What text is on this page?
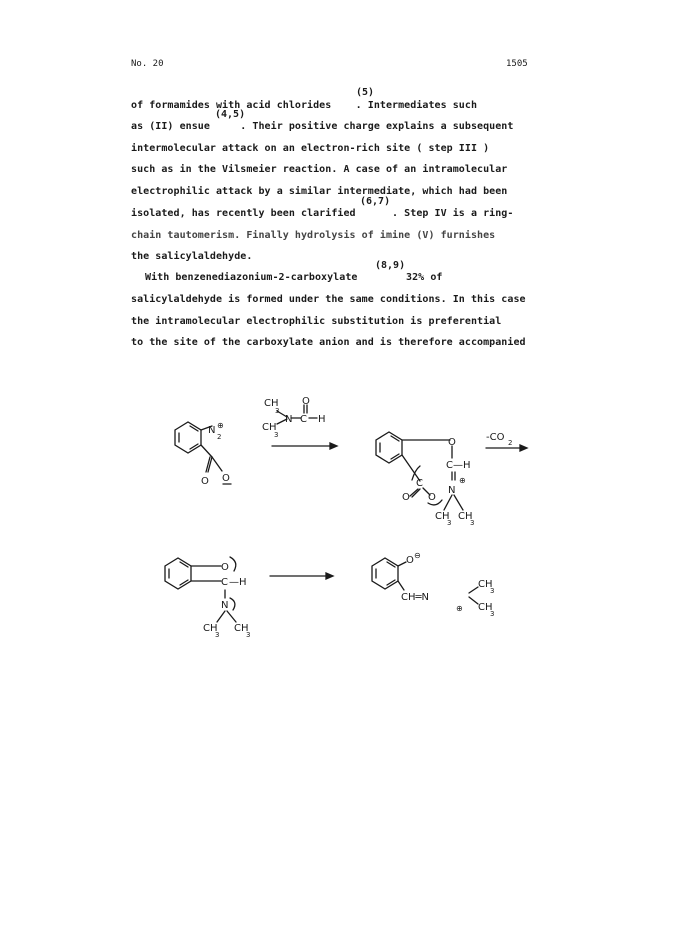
No. 20	1505
(5)
of formamides with acid chlorides    . Intermediates such
(4,5)
as (II) ensue     . Their positive charge explains a subsequent
intermolecular attack on an electron-rich site ( step III )
such as in the Vilsmeier reaction. A case of an intramolecular
electrophilic attack by a similar intermediate, which had been
(6,7)
isolated, has recently been clarified      . Step IV is a ring-
chain tautomerism. Finally hydrolysis of imine (V) furnishes
the salicylaldehyde.
(8,9)
With benzenediazonium-2-carboxylate        32% of
salicylaldehyde is formed under the same conditions. In this case
the intramolecular electrophilic substitution is preferential
to the site of the carboxylate anion and is therefore accompanied
N ⊕
2
O O
CH
3
O
N C H
CH
3
O
C—H
⊕
N
C
O O
CH
3
CH
3
-CO 2
O
C —H
N
CH
3
CH
3
O ⊖
CH═N
CH
3
CH
3
⊕
